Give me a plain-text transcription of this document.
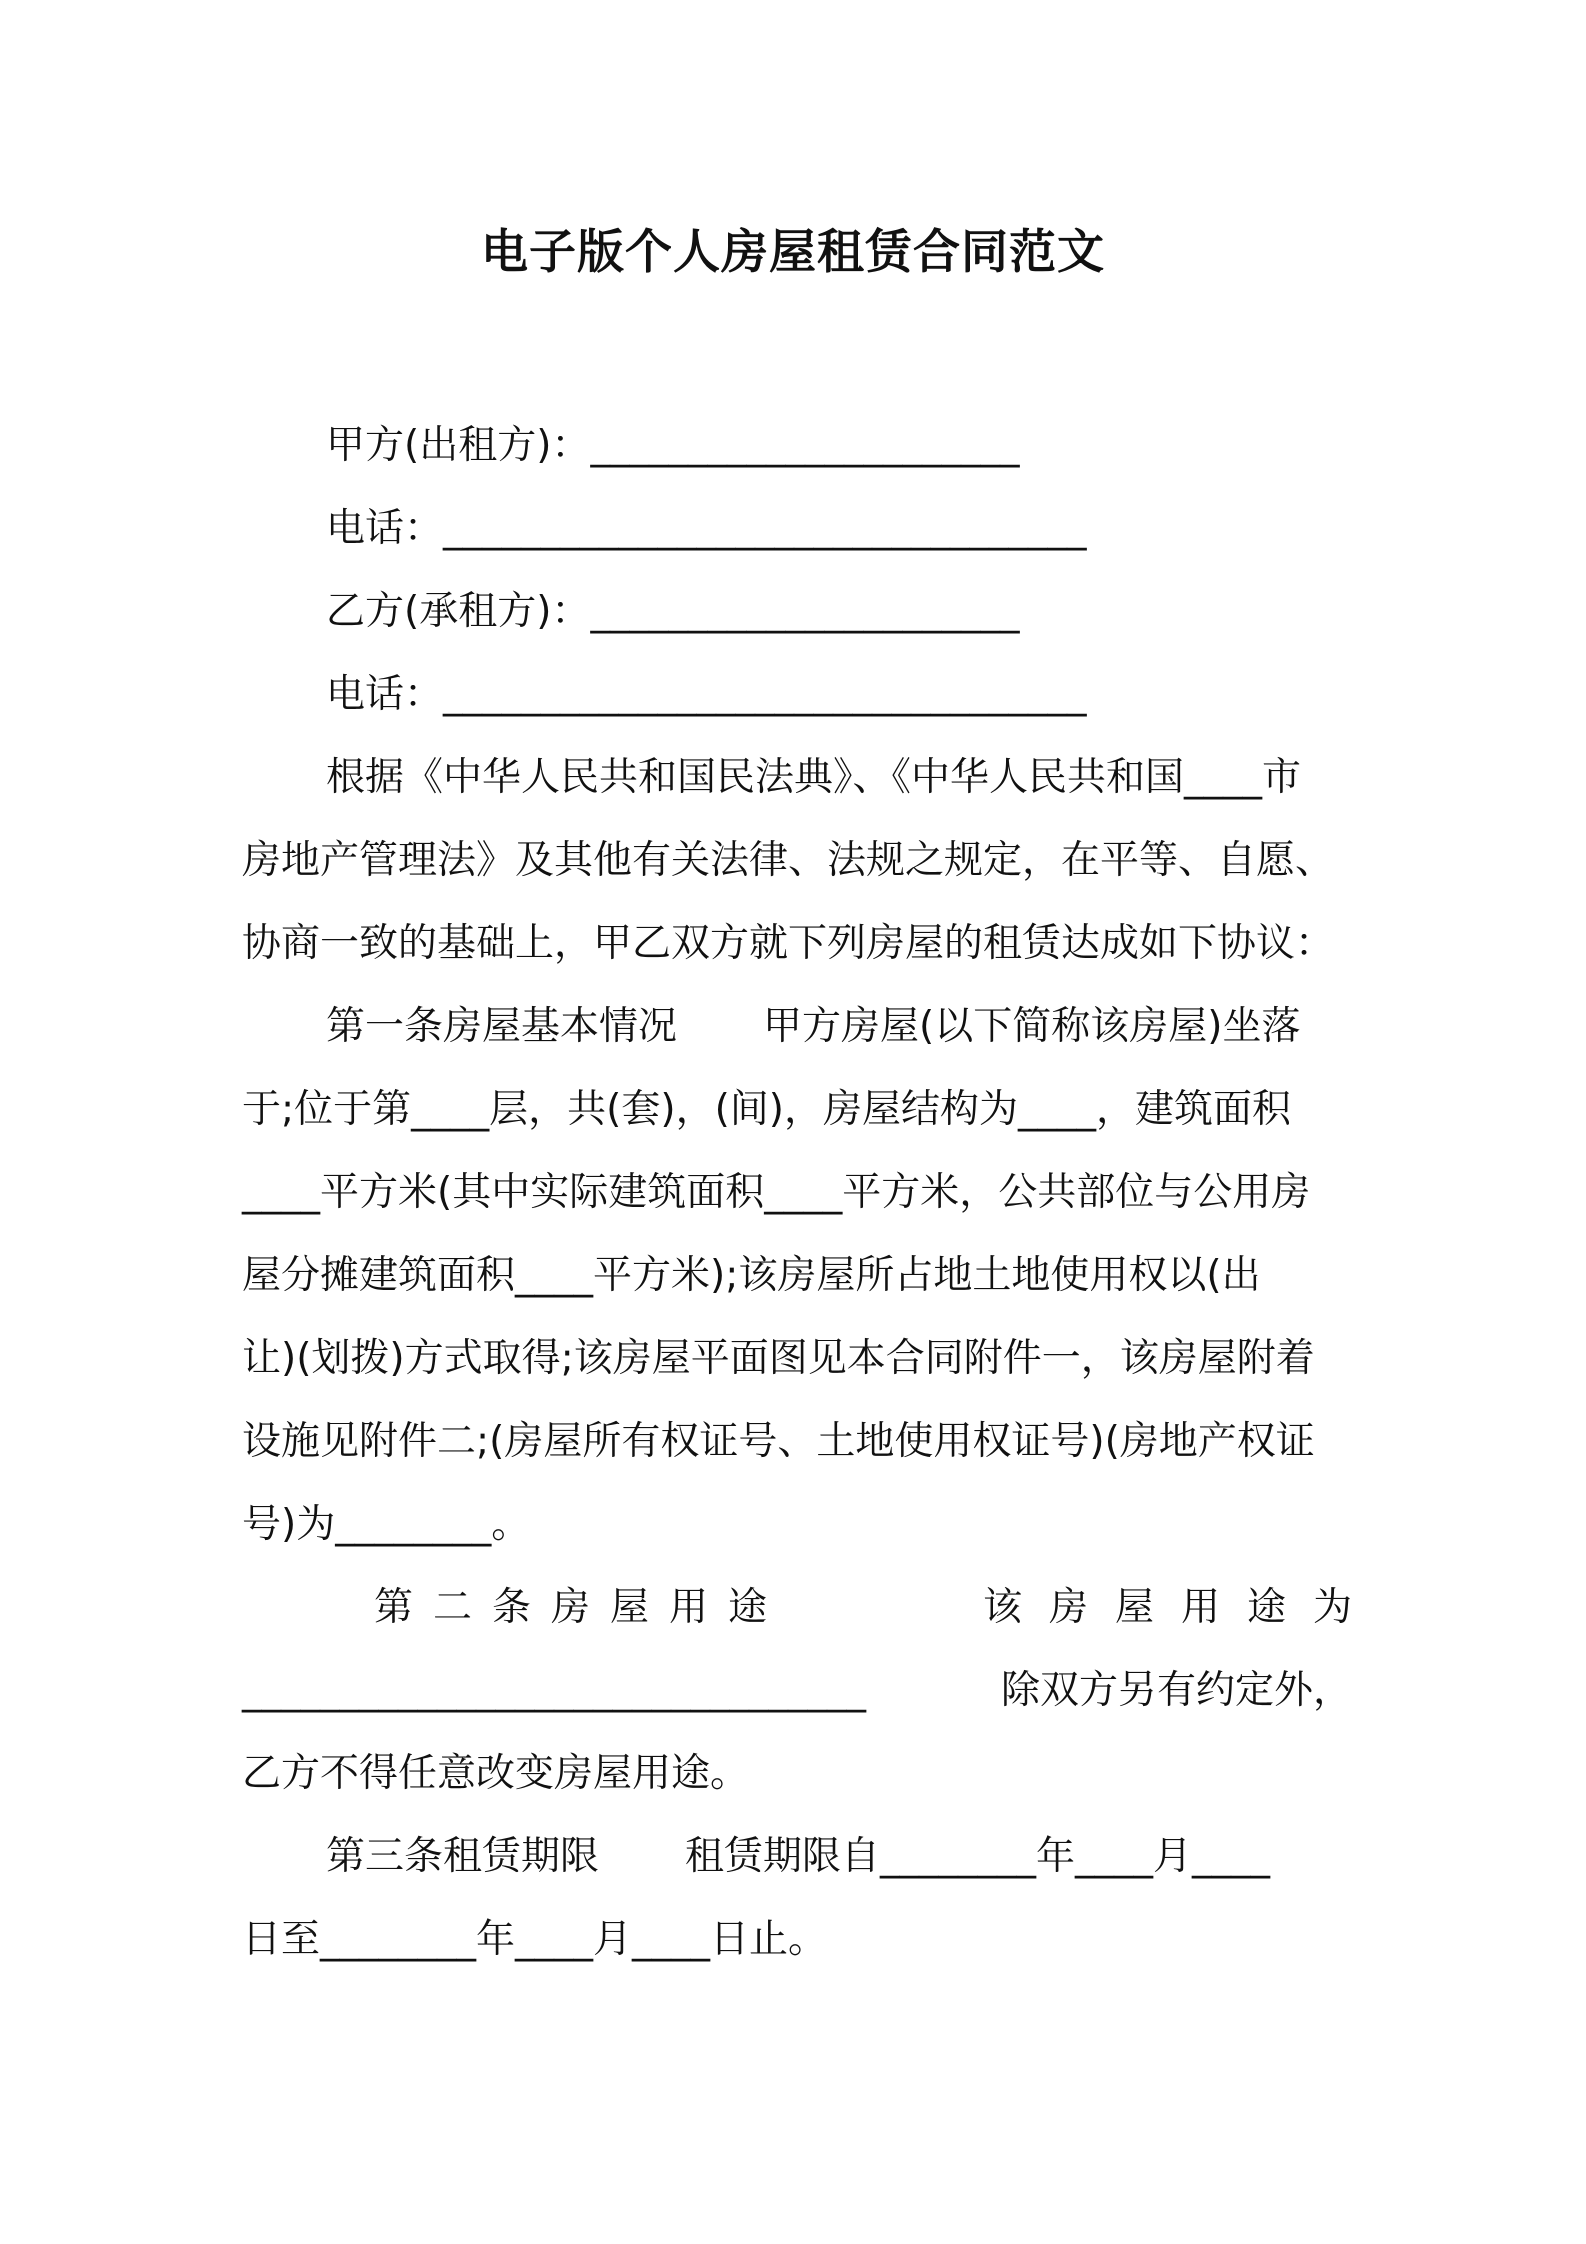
电子版个人房屋租赁合同范文
甲方(出租方)：______________________
电话：_________________________________
乙方(承租方)：______________________
电话：_________________________________
根据《中华人民共和国民法典》、《中华人民共和国____市
房地产管理法》及其他有关法律、法规之规定，在平等、自愿、
协商一致的基础上，甲乙双方就下列房屋的租赁达成如下协议：
第一条房屋基本情况 甲方房屋(以下简称该房屋)坐落
于;位于第____层，共(套)，(间)，房屋结构为____，建筑面积
____平方米(其中实际建筑面积____平方米，公共部位与公用房
屋分摊建筑面积____平方米);该房屋所占地土地使用权以(出
让)(划拨)方式取得;该房屋平面图见本合同附件一，该房屋附着
设施见附件二;(房屋所有权证号、土地使用权证号)(房地产权证
号)为________。
第二条房屋用途	该房屋用途为
________________________________	除双方另有约定外，
乙方不得任意改变房屋用途。
第三条租赁期限 租赁期限自________年____月____
日至________年____月____日止。
